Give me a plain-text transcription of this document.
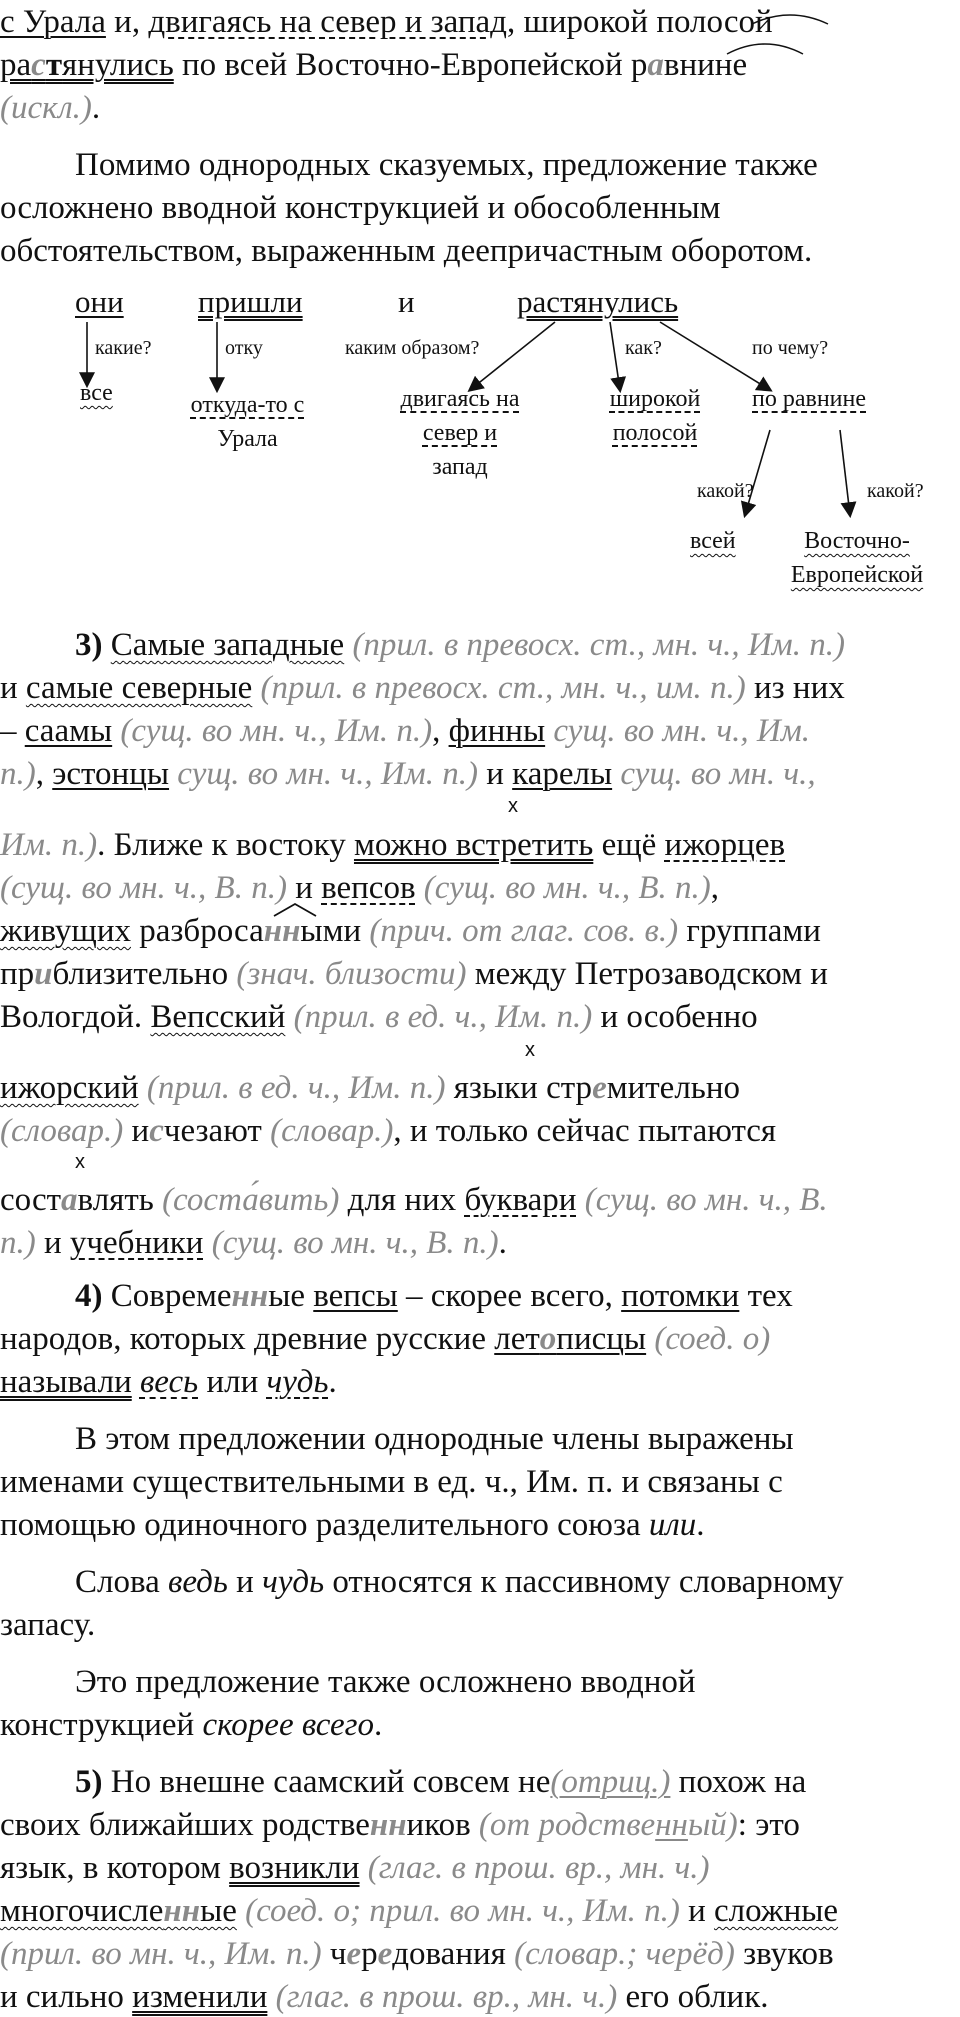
с Урала и, двигаясь на север и запад, широкой полосой
растянулись по всей Восточно-Европейской равнине
(искл.).
Помимо однородных сказуемых, предложение также
осложнено вводной конструкцией и обособленным
обстоятельством, выраженным деепричастным оборотом.
они пришли	и	растянулись
какие?	отку	каким образом?	как?	по чему?
какой?	какой?
все	откуда-то с
Урала
двигаясь на
север и
запад
широкой
полосой
по равнине
всей	Восточно-
Европейской
3) Самые западные (прил. в превосх. ст., мн. ч., Им. п.)
и самые северные (прил. в превосх. ст., мн. ч., им. п.) из них
– саамы (сущ. во мн. ч., Им. п.), финны сущ. во мн. ч., Им.
п.), эстонцы сущ. во мн. ч., Им. п.) и карелы сущ. во мн. ч.,
х
Им. п.). Ближе к востоку можно встретить ещё ижорцев
(сущ. во мн. ч., В. п.) и вепсов (сущ. во мн. ч., В. п.),
живущих разбросанными (прич. от глаг. сов. в.) группами
приблизительно (знач. близости) между Петрозаводском и
Вологдой. Вепсский (прил. в ед. ч., Им. п.) и особенно
х
ижорский (прил. в ед. ч., Им. п.) языки стремительно
(словар.) исчезают (словар.), и только сейчас пытаются
х
составлять (соста́вить) для них буквари (сущ. во мн. ч., В.
п.) и учебники (сущ. во мн. ч., В. п.).
4) Современные вепсы – скорее всего, потомки тех
народов, которых древние русские летописцы (соед. о)
называли весь или чудь.
В этом предложении однородные члены выражены
именами существительными в ед. ч., Им. п. и связаны с
помощью одиночного разделительного союза или.
Слова ведь и чудь относятся к пассивному словарному
запасу.
Это предложение также осложнено вводной
конструкцией скорее всего.
5) Но внешне саамский совсем не(отриц.) похож на
своих ближайших родственников (от родственный): это
язык, в котором возникли (глаг. в прош. вр., мн. ч.)
многочисленные (соед. о; прил. во мн. ч., Им. п.) и сложные
(прил. во мн. ч., Им. п.) чередования (словар.; черёд) звуков
и сильно изменили (глаг. в прош. вр., мн. ч.) его облик.
